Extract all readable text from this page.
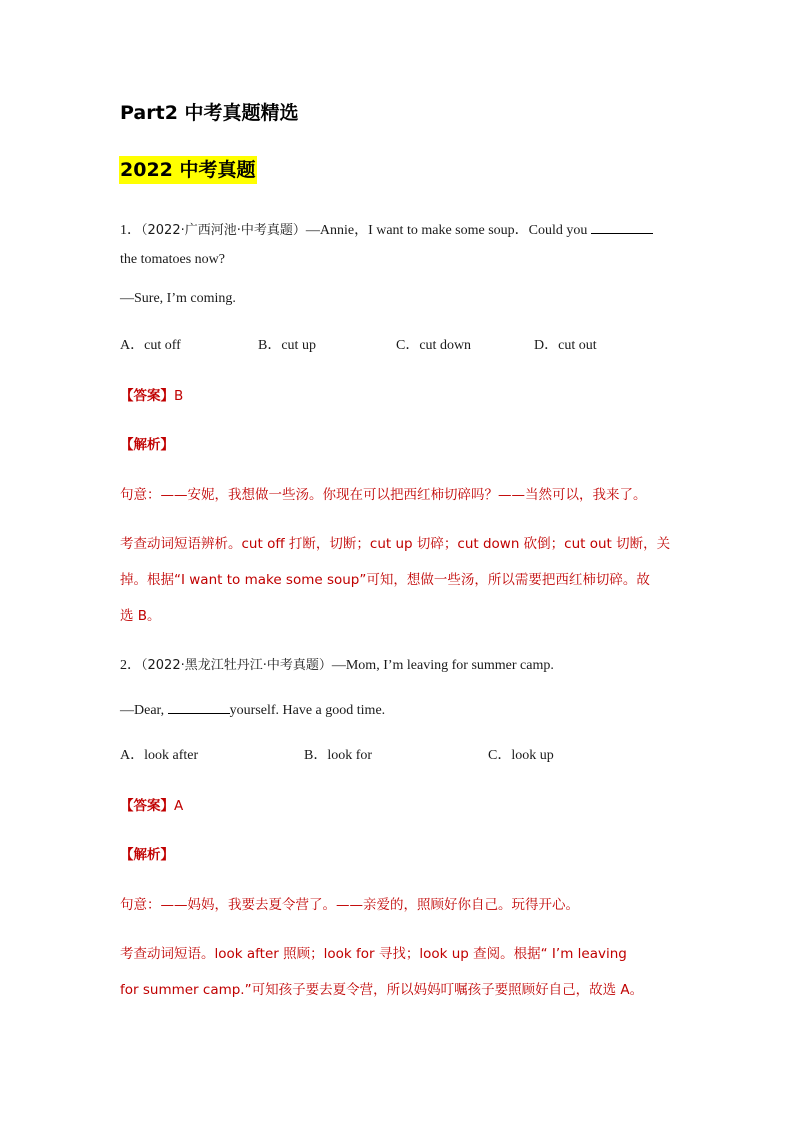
Part2 中考真题精选
2022 中考真题
1．（2022·广西河池·中考真题）—Annie，I want to make some soup．Could you
the tomatoes now?
—Sure, I’m coming.
A．cut off	B．cut up	C．cut down	D．cut out
【答案】B
【解析】
句意：——安妮，我想做一些汤。你现在可以把西红柿切碎吗？——当然可以，我来了。
考查动词短语辨析。cut off 打断，切断；cut up 切碎；cut down 砍倒；cut out 切断，关
掉。根据“I want to make some soup”可知，想做一些汤，所以需要把西红柿切碎。故
选 B。
2．（2022·黑龙江牡丹江·中考真题）—Mom, I’m leaving for summer camp.
—Dear,	yourself. Have a good time.
A．look after	B．look for	C．look up
【答案】A
【解析】
句意：——妈妈，我要去夏令营了。——亲爱的，照顾好你自己。玩得开心。
考查动词短语。look after 照顾；look for 寻找；look up 查阅。根据“ I’m leaving
for summer camp.”可知孩子要去夏令营，所以妈妈叮嘱孩子要照顾好自己，故选 A。
